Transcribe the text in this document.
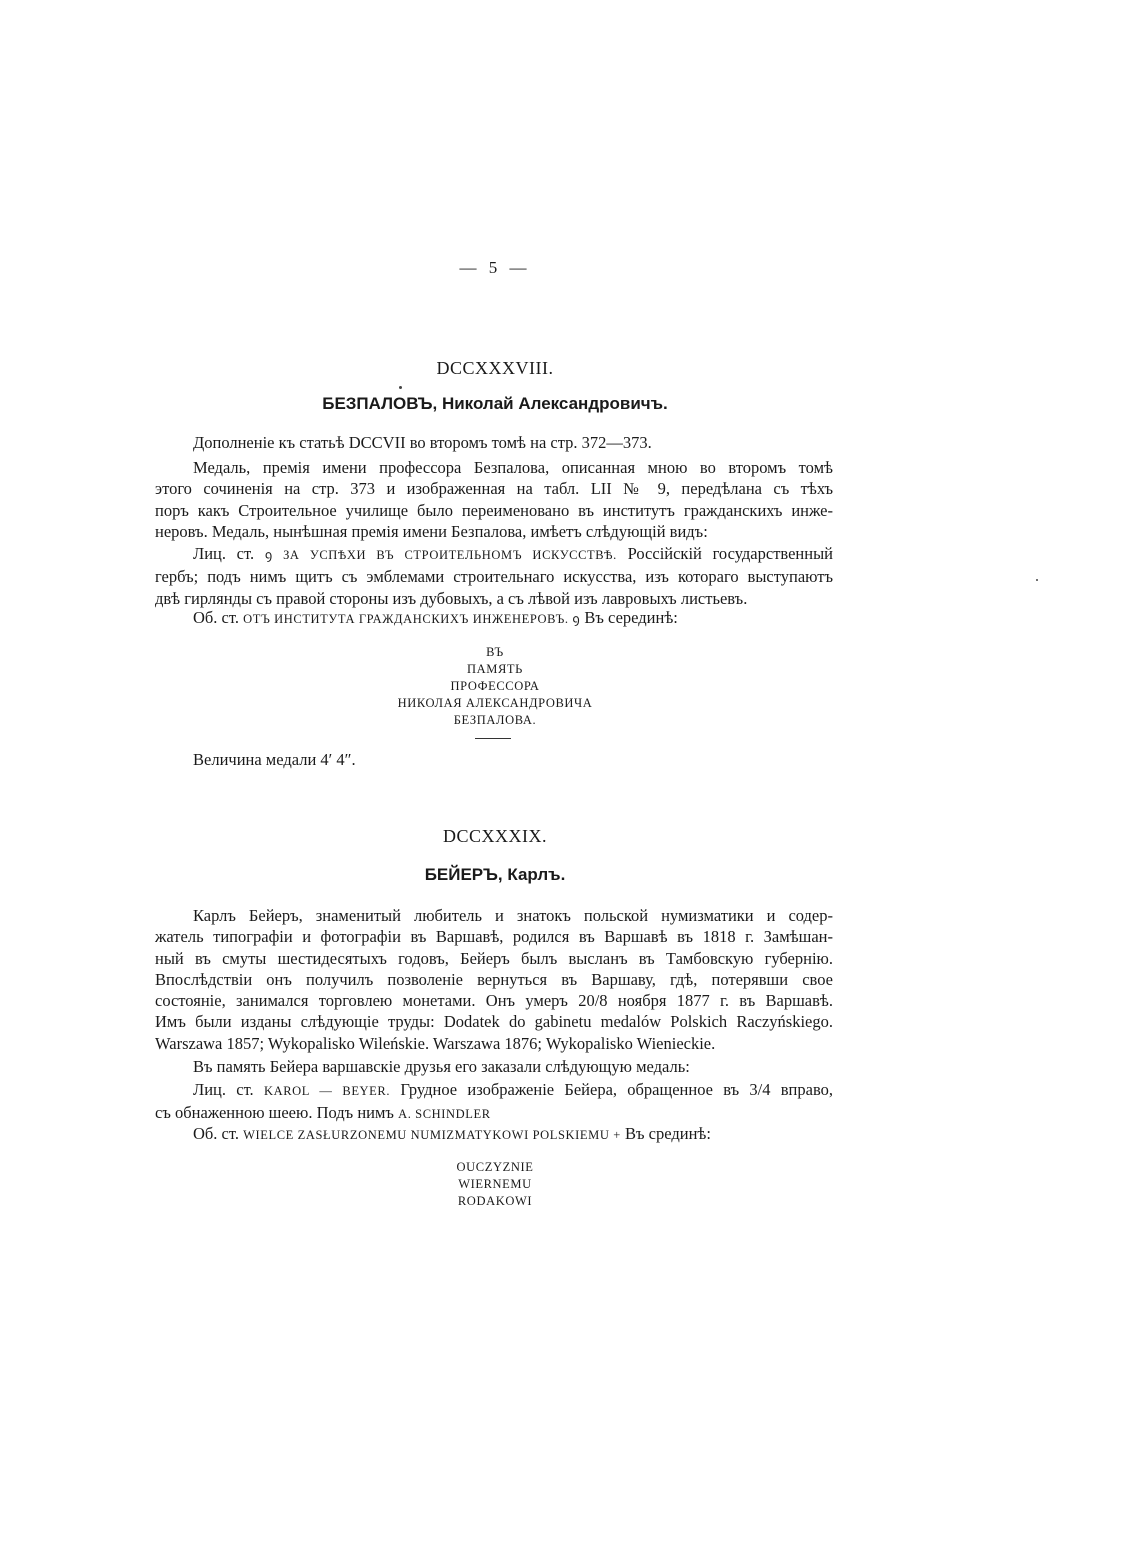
— 5 —
DCCXXXVIII.
БЕЗПАЛОВЪ, Николай Александровичъ.
Дополненіе къ статьѣ DCCVII во второмъ томѣ на стр. 372—373.

Медаль, премія имени профессора Безпалова, описанная мною во второмъ томѣ

этого сочиненія на стр. 373 и изображенная на табл. LII № 9, передѣлана съ тѣхъ

поръ какъ Строительное училище было переименовано въ институтъ гражданскихъ инже-

неровъ. Медаль, нынѣшная премія имени Безпалова, имѣетъ слѣдующій видъ:

Лиц. ст. ꝯ ЗА УСПѢХИ ВЪ СТРОИТЕЛЬНОМЪ ИСКУССТВѢ. Россійскій государственный

гербъ; подъ нимъ щитъ съ эмблемами строительнаго искусства, изъ котораго выступаютъ

двѣ гирлянды съ правой стороны изъ дубовыхъ, а съ лѣвой изъ лавровыхъ листьевъ.

Об. ст. ОТЪ ИНСТИТУТА ГРАЖДАНСКИХЪ ИНЖЕНЕРОВЪ. ꝯ Въ серединѣ:
ВЪ
ПАМЯТЬ
ПРОФЕССОРА
НИКОЛАЯ АЛЕКСАНДРОВИЧА
БЕЗПАЛОВА.
Величина медали 4′ 4″.
DCCXXXIX.
БЕЙЕРЪ, Карлъ.

Карлъ Бейеръ, знаменитый любитель и знатокъ польской нумизматики и содер-

жатель типографіи и фотографіи въ Варшавѣ, родился въ Варшавѣ въ 1818 г. Замѣшан-

ный въ смуты шестидесятыхъ годовъ, Бейеръ былъ высланъ въ Тамбовскую губернію.

Впослѣдствіи онъ получилъ позволеніе вернуться въ Варшаву, гдѣ, потерявши свое

состояніе, занимался торговлею монетами. Онъ умеръ 20/8 ноября 1877 г. въ Варшавѣ.

Имъ были изданы слѣдующіе труды: Dodatek do gabinetu medalów Polskich Raczyńskiego.

Warszawa 1857; Wykopalisko Wileńskie. Warszawa 1876; Wykopalisko Wienieckie.

Въ память Бейера варшавскіе друзья его заказали слѣдующую медаль:

Лиц. ст. KAROL — BEYER. Грудное изображеніе Бейера, обращенное въ 3/4 вправо,

съ обнаженною шеею. Подъ нимъ A. SCHINDLER

Об. ст. WIELCE ZASŁURZONEMU NUMIZMATYKOWI POLSKIEMU + Въ срединѣ:
OUCZYZNIE
WIERNEMU
RODAKOWI
